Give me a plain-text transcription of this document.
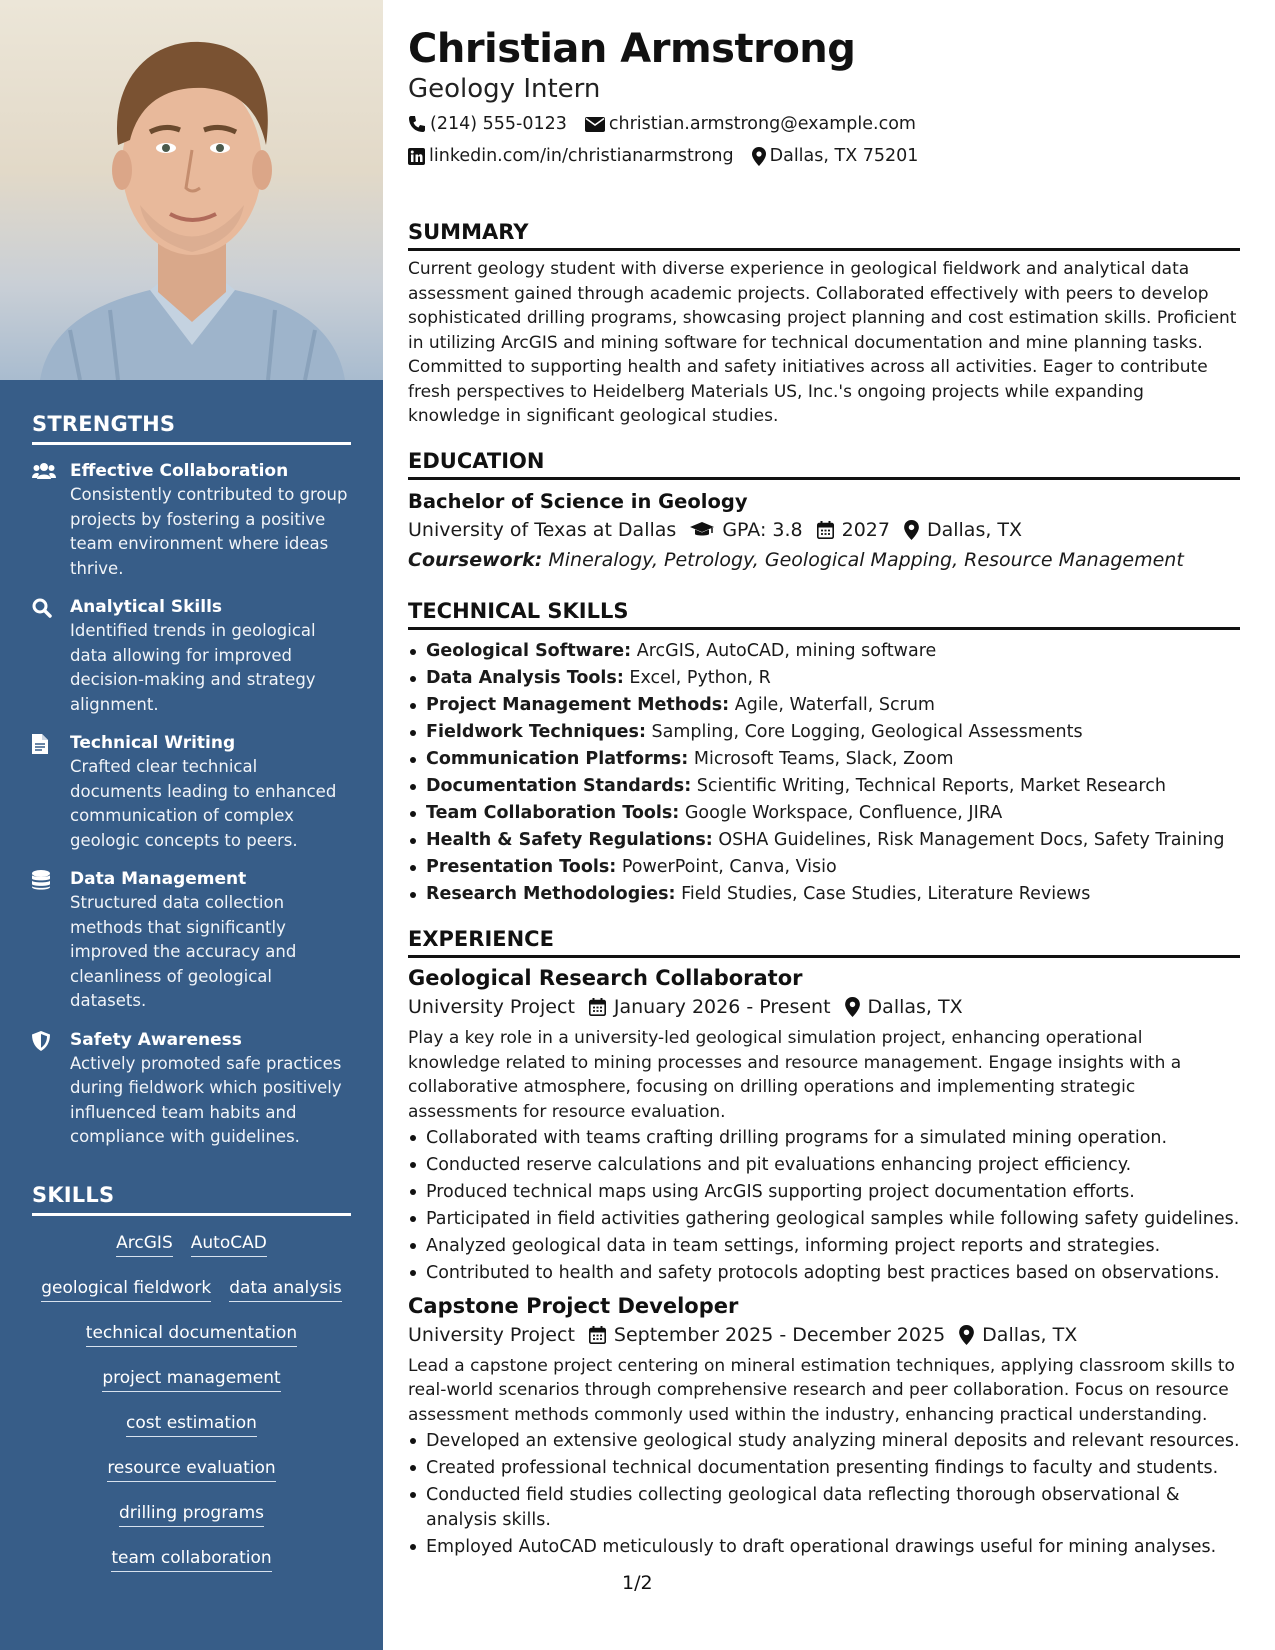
STRENGTHS
Effective Collaboration
Consistently contributed to group projects by fostering a positive team environment where ideas thrive.
Analytical Skills
Identified trends in geological data allowing for improved decision-making and strategy alignment.
Technical Writing
Crafted clear technical documents leading to enhanced communication of complex geologic concepts to peers.
Data Management
Structured data collection methods that significantly improved the accuracy and cleanliness of geological datasets.
Safety Awareness
Actively promoted safe practices during fieldwork which positively influenced team habits and compliance with guidelines.
SKILLS
ArcGIS AutoCAD
geological fieldwork data analysis
technical documentation
project management
cost estimation
resource evaluation
drilling programs
team collaboration
Christian Armstrong
Geology Intern
(214) 555-0123 christian.armstrong@example.com
linkedin.com/in/christianarmstrong Dallas, TX 75201
SUMMARY
Current geology student with diverse experience in geological fieldwork and analytical data assessment gained through academic projects. Collaborated effectively with peers to develop sophisticated drilling programs, showcasing project planning and cost estimation skills. Proficient in utilizing ArcGIS and mining software for technical documentation and mine planning tasks. Committed to supporting health and safety initiatives across all activities. Eager to contribute fresh perspectives to Heidelberg Materials US, Inc.'s ongoing projects while expanding knowledge in significant geological studies.
EDUCATION
Bachelor of Science in Geology
University of Texas at Dallas GPA: 3.8 2027 Dallas, TX
Coursework: Mineralogy, Petrology, Geological Mapping, Resource Management
TECHNICAL SKILLS
Geological Software: ArcGIS, AutoCAD, mining software
Data Analysis Tools: Excel, Python, R
Project Management Methods: Agile, Waterfall, Scrum
Fieldwork Techniques: Sampling, Core Logging, Geological Assessments
Communication Platforms: Microsoft Teams, Slack, Zoom
Documentation Standards: Scientific Writing, Technical Reports, Market Research
Team Collaboration Tools: Google Workspace, Confluence, JIRA
Health & Safety Regulations: OSHA Guidelines, Risk Management Docs, Safety Training
Presentation Tools: PowerPoint, Canva, Visio
Research Methodologies: Field Studies, Case Studies, Literature Reviews
EXPERIENCE
Geological Research Collaborator
University Project January 2026 - Present Dallas, TX
Play a key role in a university-led geological simulation project, enhancing operational knowledge related to mining processes and resource management. Engage insights with a collaborative atmosphere, focusing on drilling operations and implementing strategic assessments for resource evaluation.
Collaborated with teams crafting drilling programs for a simulated mining operation.
Conducted reserve calculations and pit evaluations enhancing project efficiency.
Produced technical maps using ArcGIS supporting project documentation efforts.
Participated in field activities gathering geological samples while following safety guidelines.
Analyzed geological data in team settings, informing project reports and strategies.
Contributed to health and safety protocols adopting best practices based on observations.
Capstone Project Developer
University Project September 2025 - December 2025 Dallas, TX
Lead a capstone project centering on mineral estimation techniques, applying classroom skills to real-world scenarios through comprehensive research and peer collaboration. Focus on resource assessment methods commonly used within the industry, enhancing practical understanding.
Developed an extensive geological study analyzing mineral deposits and relevant resources.
Created professional technical documentation presenting findings to faculty and students.
Conducted field studies collecting geological data reflecting thorough observational & analysis skills.
Employed AutoCAD meticulously to draft operational drawings useful for mining analyses.
1/2
